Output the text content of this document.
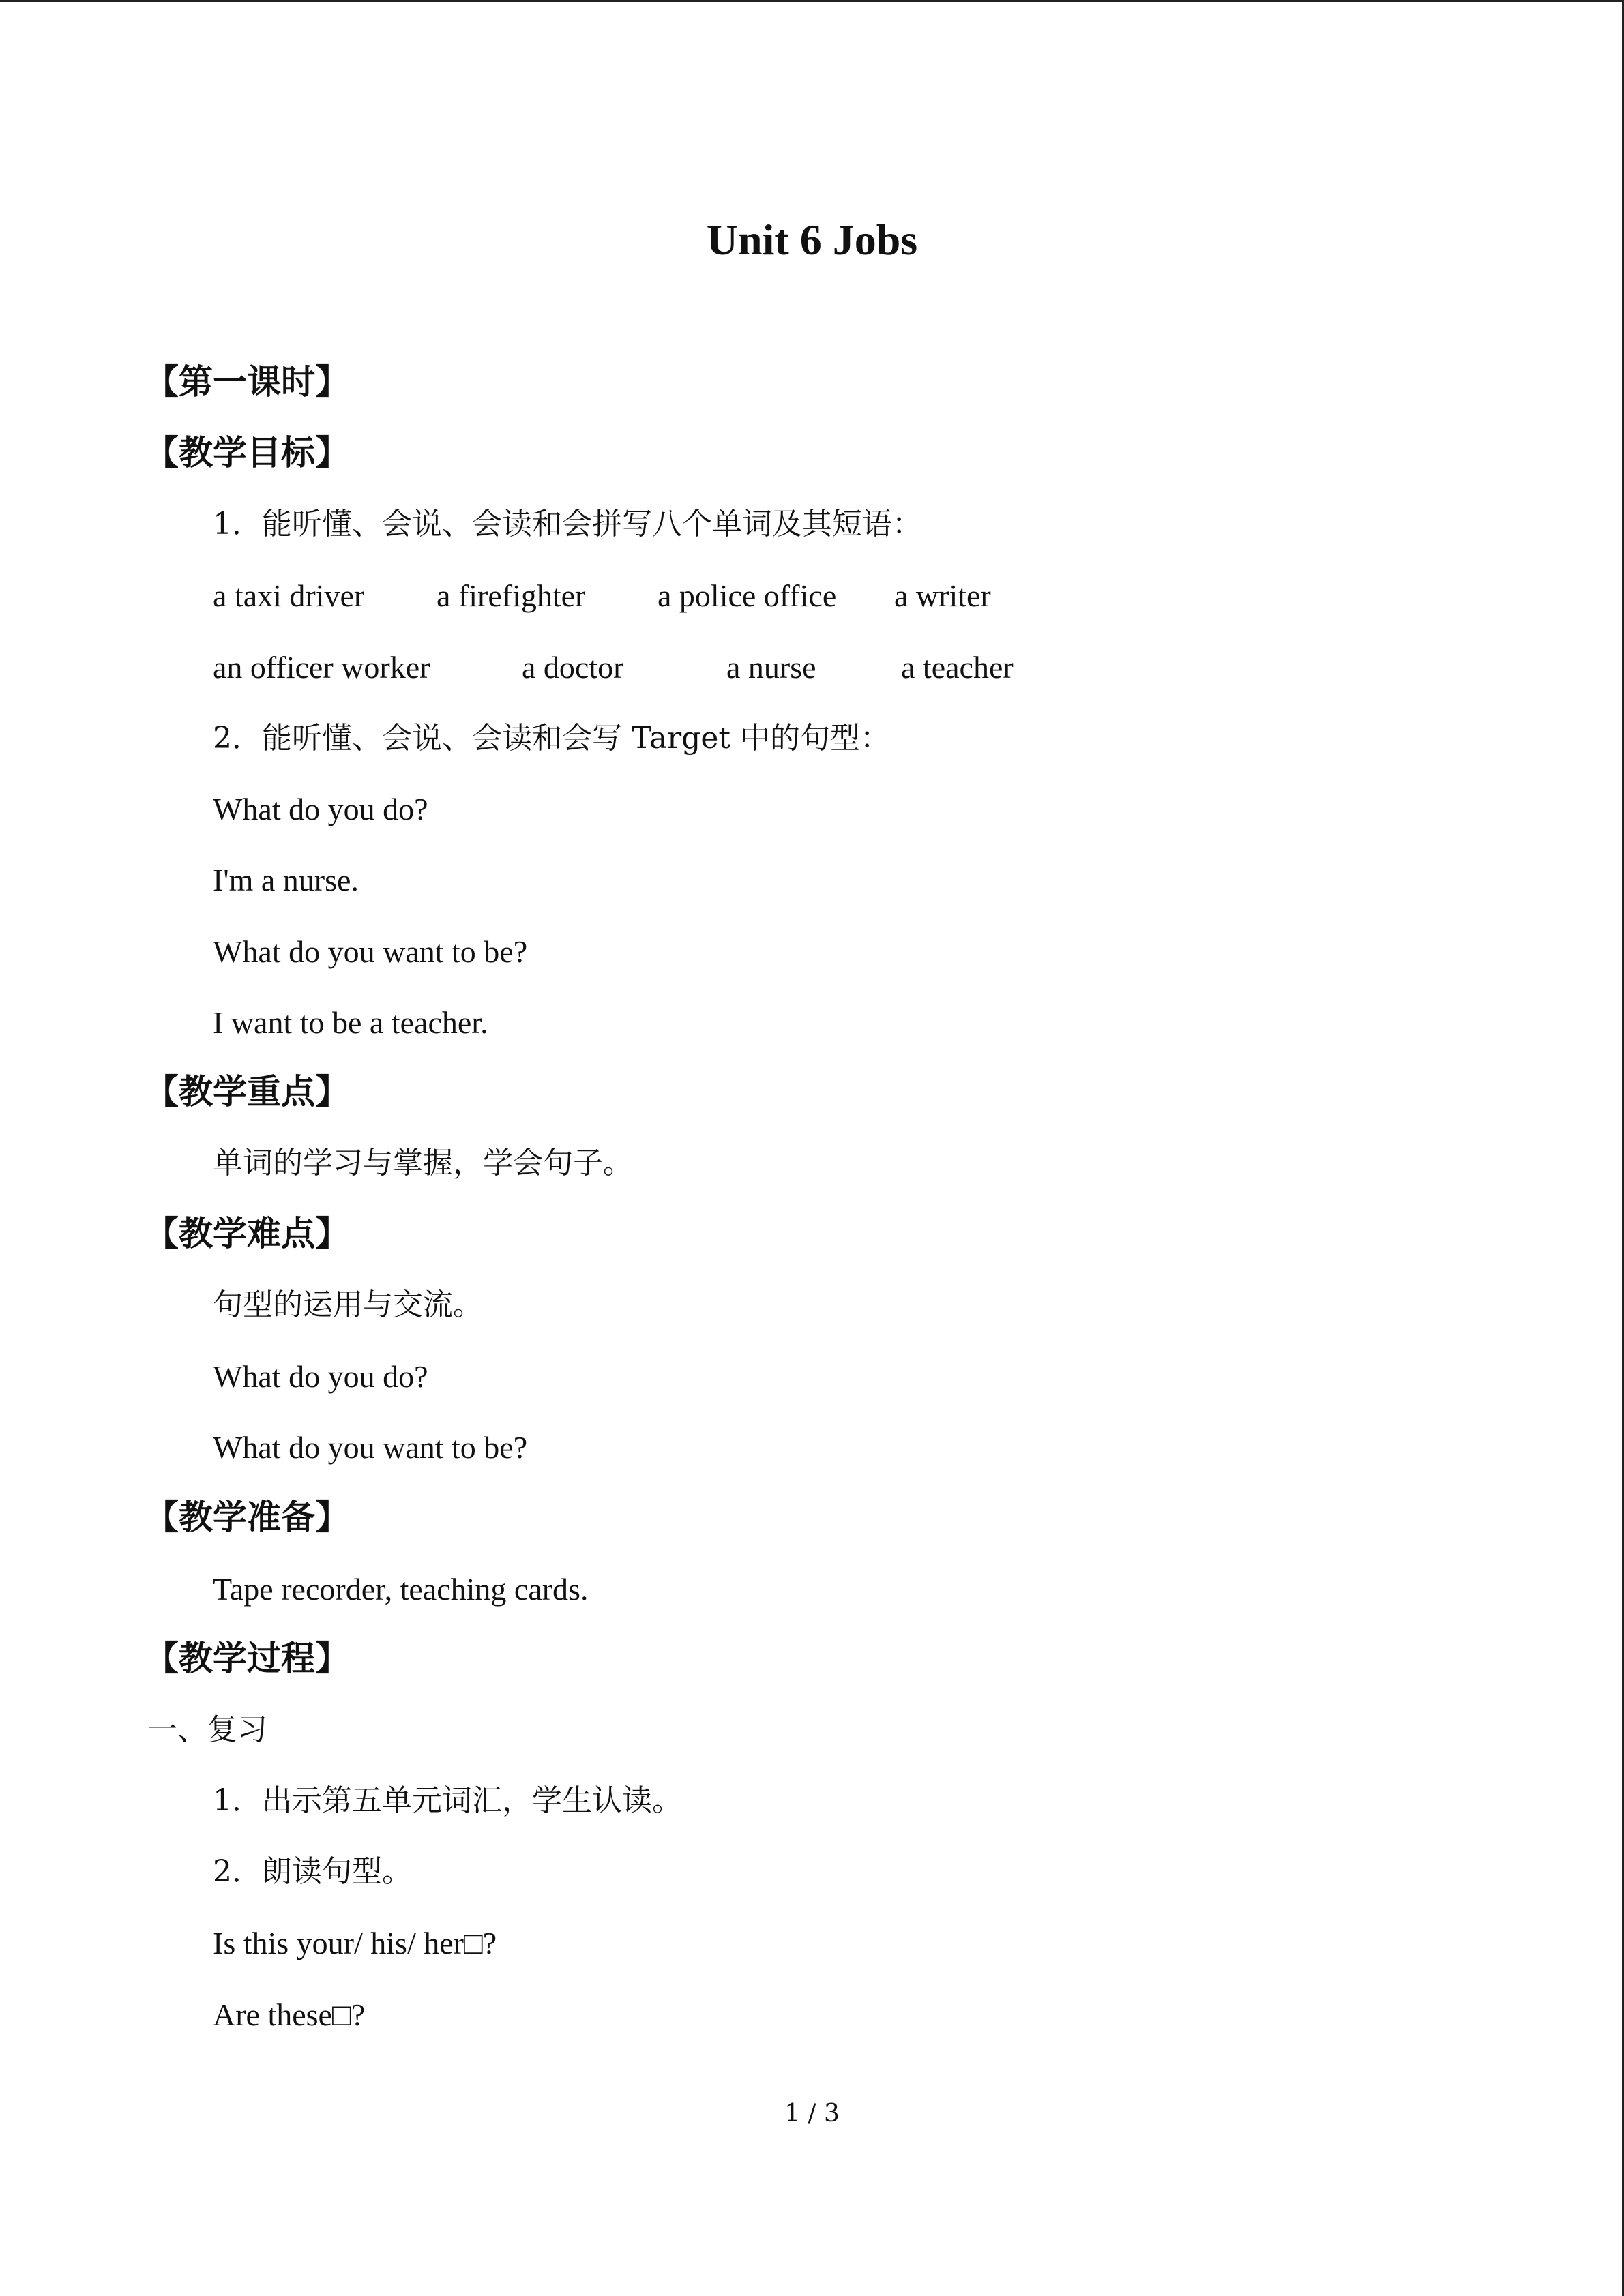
Unit 6 Jobs
【第一课时】
【教学目标】
1．能听懂、会说、会读和会拼写八个单词及其短语：
a taxi driver a firefighter a police office a writer
an officer worker	a doctor	a nurse	a teacher
2．能听懂、会说、会读和会写 Target 中的句型：
What do you do?
I'm a nurse.
What do you want to be?
I want to be a teacher.
【教学重点】
单词的学习与掌握，学会句子。
【教学难点】
句型的运用与交流。
What do you do?
What do you want to be?
【教学准备】
Tape recorder, teaching cards.
【教学过程】
一、复习
1．出示第五单元词汇，学生认读。
2．朗读句型。
Is this your/ his/ her□?
Are these□?
1 / 3
